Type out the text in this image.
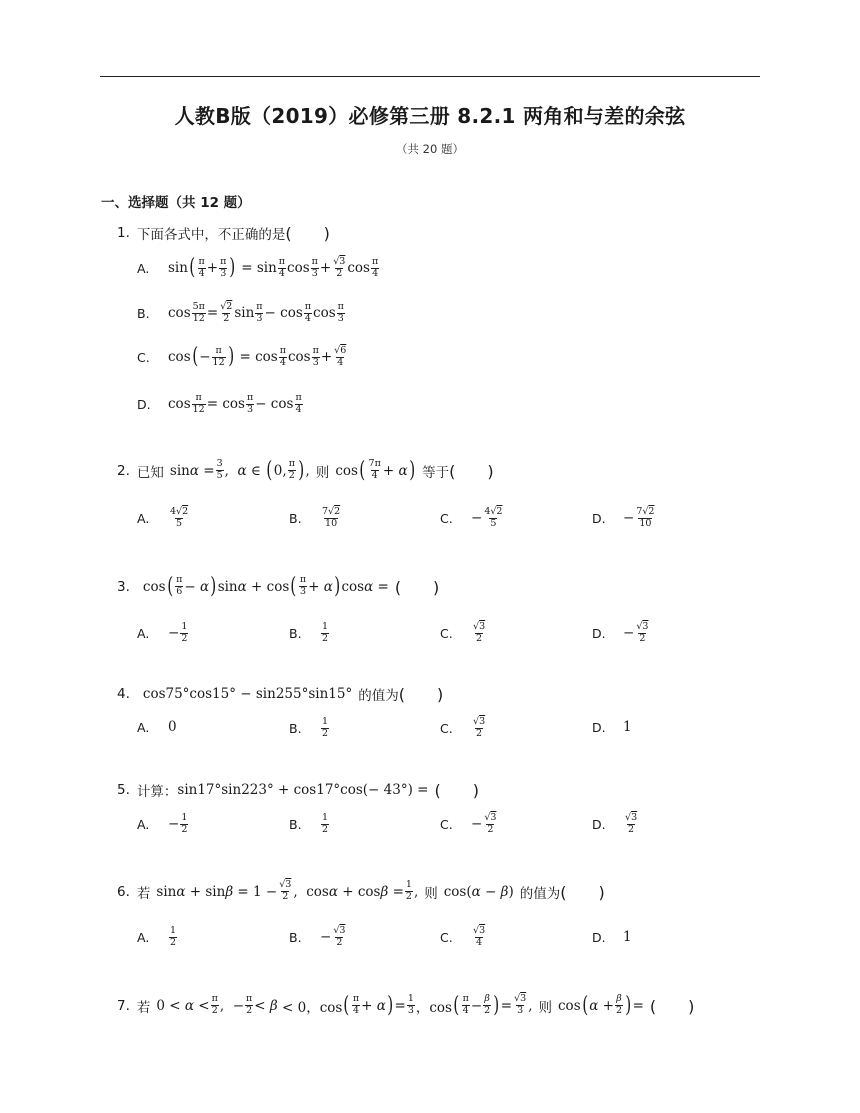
人教B版（2019）必修第三册 8.2.1 两角和与差的余弦
（共 20 题）
一、选择题（共 12 题）
1. 下面各式中，不正确的是 (　　)
A.	sin ( $\frac{\pi}{4} + \frac{\pi}{3}$ ) = $\sin \frac{\pi}{4}$ $\cos \frac{\pi}{3} + \frac{√3}{2}$ $\cos \frac{\pi}{4}$
B.	$\cos \frac{5\pi}{12} = \frac{√2}{2}$ $\sin \frac{\pi}{3} - \cos \frac{\pi}{4}$ $\cos \frac{\pi}{3}$
C.	cos ( − $\frac{\pi}{12}$ ) = $\cos \frac{\pi}{4}$ $\cos \frac{\pi}{3} + \frac{√6}{4}$
D.	$\cos \frac{\pi}{12} = \cos \frac{\pi}{3} - \cos \frac{\pi}{4}$
2. 已知 $\sin \alpha = \frac{3}{5}$ , α ∈ ( 0, $\frac{\pi}{2}$ ) , 则 cos ( $\frac{7\pi}{4} + \alpha$ ) 等于 (　　)
A.	$\frac{4√2}{5}$	B.	$\frac{7√2}{10}$	C.	− $\frac{4√2}{5}$	D.	− $\frac{7√2}{10}$
3. cos ( $\frac{\pi}{6} - \alpha$ ) sin α + cos ( $\frac{\pi}{3} + \alpha$ ) cos α = (　　)
A.	− $\frac{1}{2}$	B.	$\frac{1}{2}$	C.	$\frac{√3}{2}$	D.	− $\frac{√3}{2}$
4. cos75°cos15° − sin255°sin15° 的值为 (　　)
A.	0	B.	$\frac{1}{2}$	C.	$\frac{√3}{2}$	D.	1
5. 计算： sin17°sin223° + cos17°cos(− 43°) = (　　)
A.	− $\frac{1}{2}$	B.	$\frac{1}{2}$	C.	− $\frac{√3}{2}$	D.	$\frac{√3}{2}$
6. 若 $\sin \alpha + \sin \beta = 1 - \frac{√3}{2}$ ,  $\cos \alpha + \cos \beta = \frac{1}{2}$ , 则 cos( α − β ) 的值为 (　　)
A.	$\frac{1}{2}$	B.	− $\frac{√3}{2}$	C.	$\frac{√3}{4}$	D.	1
7. 若 $0 < \alpha < \frac{\pi}{2}$ ,  − $\frac{\pi}{2} < \beta < 0$，cos ( $\frac{\pi}{4} + \alpha$ ) = $\frac{1}{3}$ ，cos ( $\frac{\pi}{4} - \frac{\beta}{2}$ ) = $\frac{√3}{3}$ , 则 cos ( $\alpha + \frac{\beta}{2}$ ) = (　　)
